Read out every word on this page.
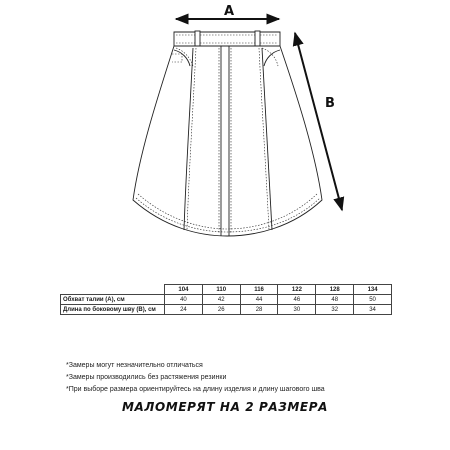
A
B
	104	110	116	122	128	134
Обхват талии (А), см	40	42	44	46	48	50
Длина по боковому шву (В), см	24	26	28	30	32	34
*Замеры могут незначительно отличаться
*Замеры производились без растяжения резинки
*При выборе размера ориентируйтесь на длину изделия и длину шагового шва
МАЛОМЕРЯТ НА 2 РАЗМЕРА
